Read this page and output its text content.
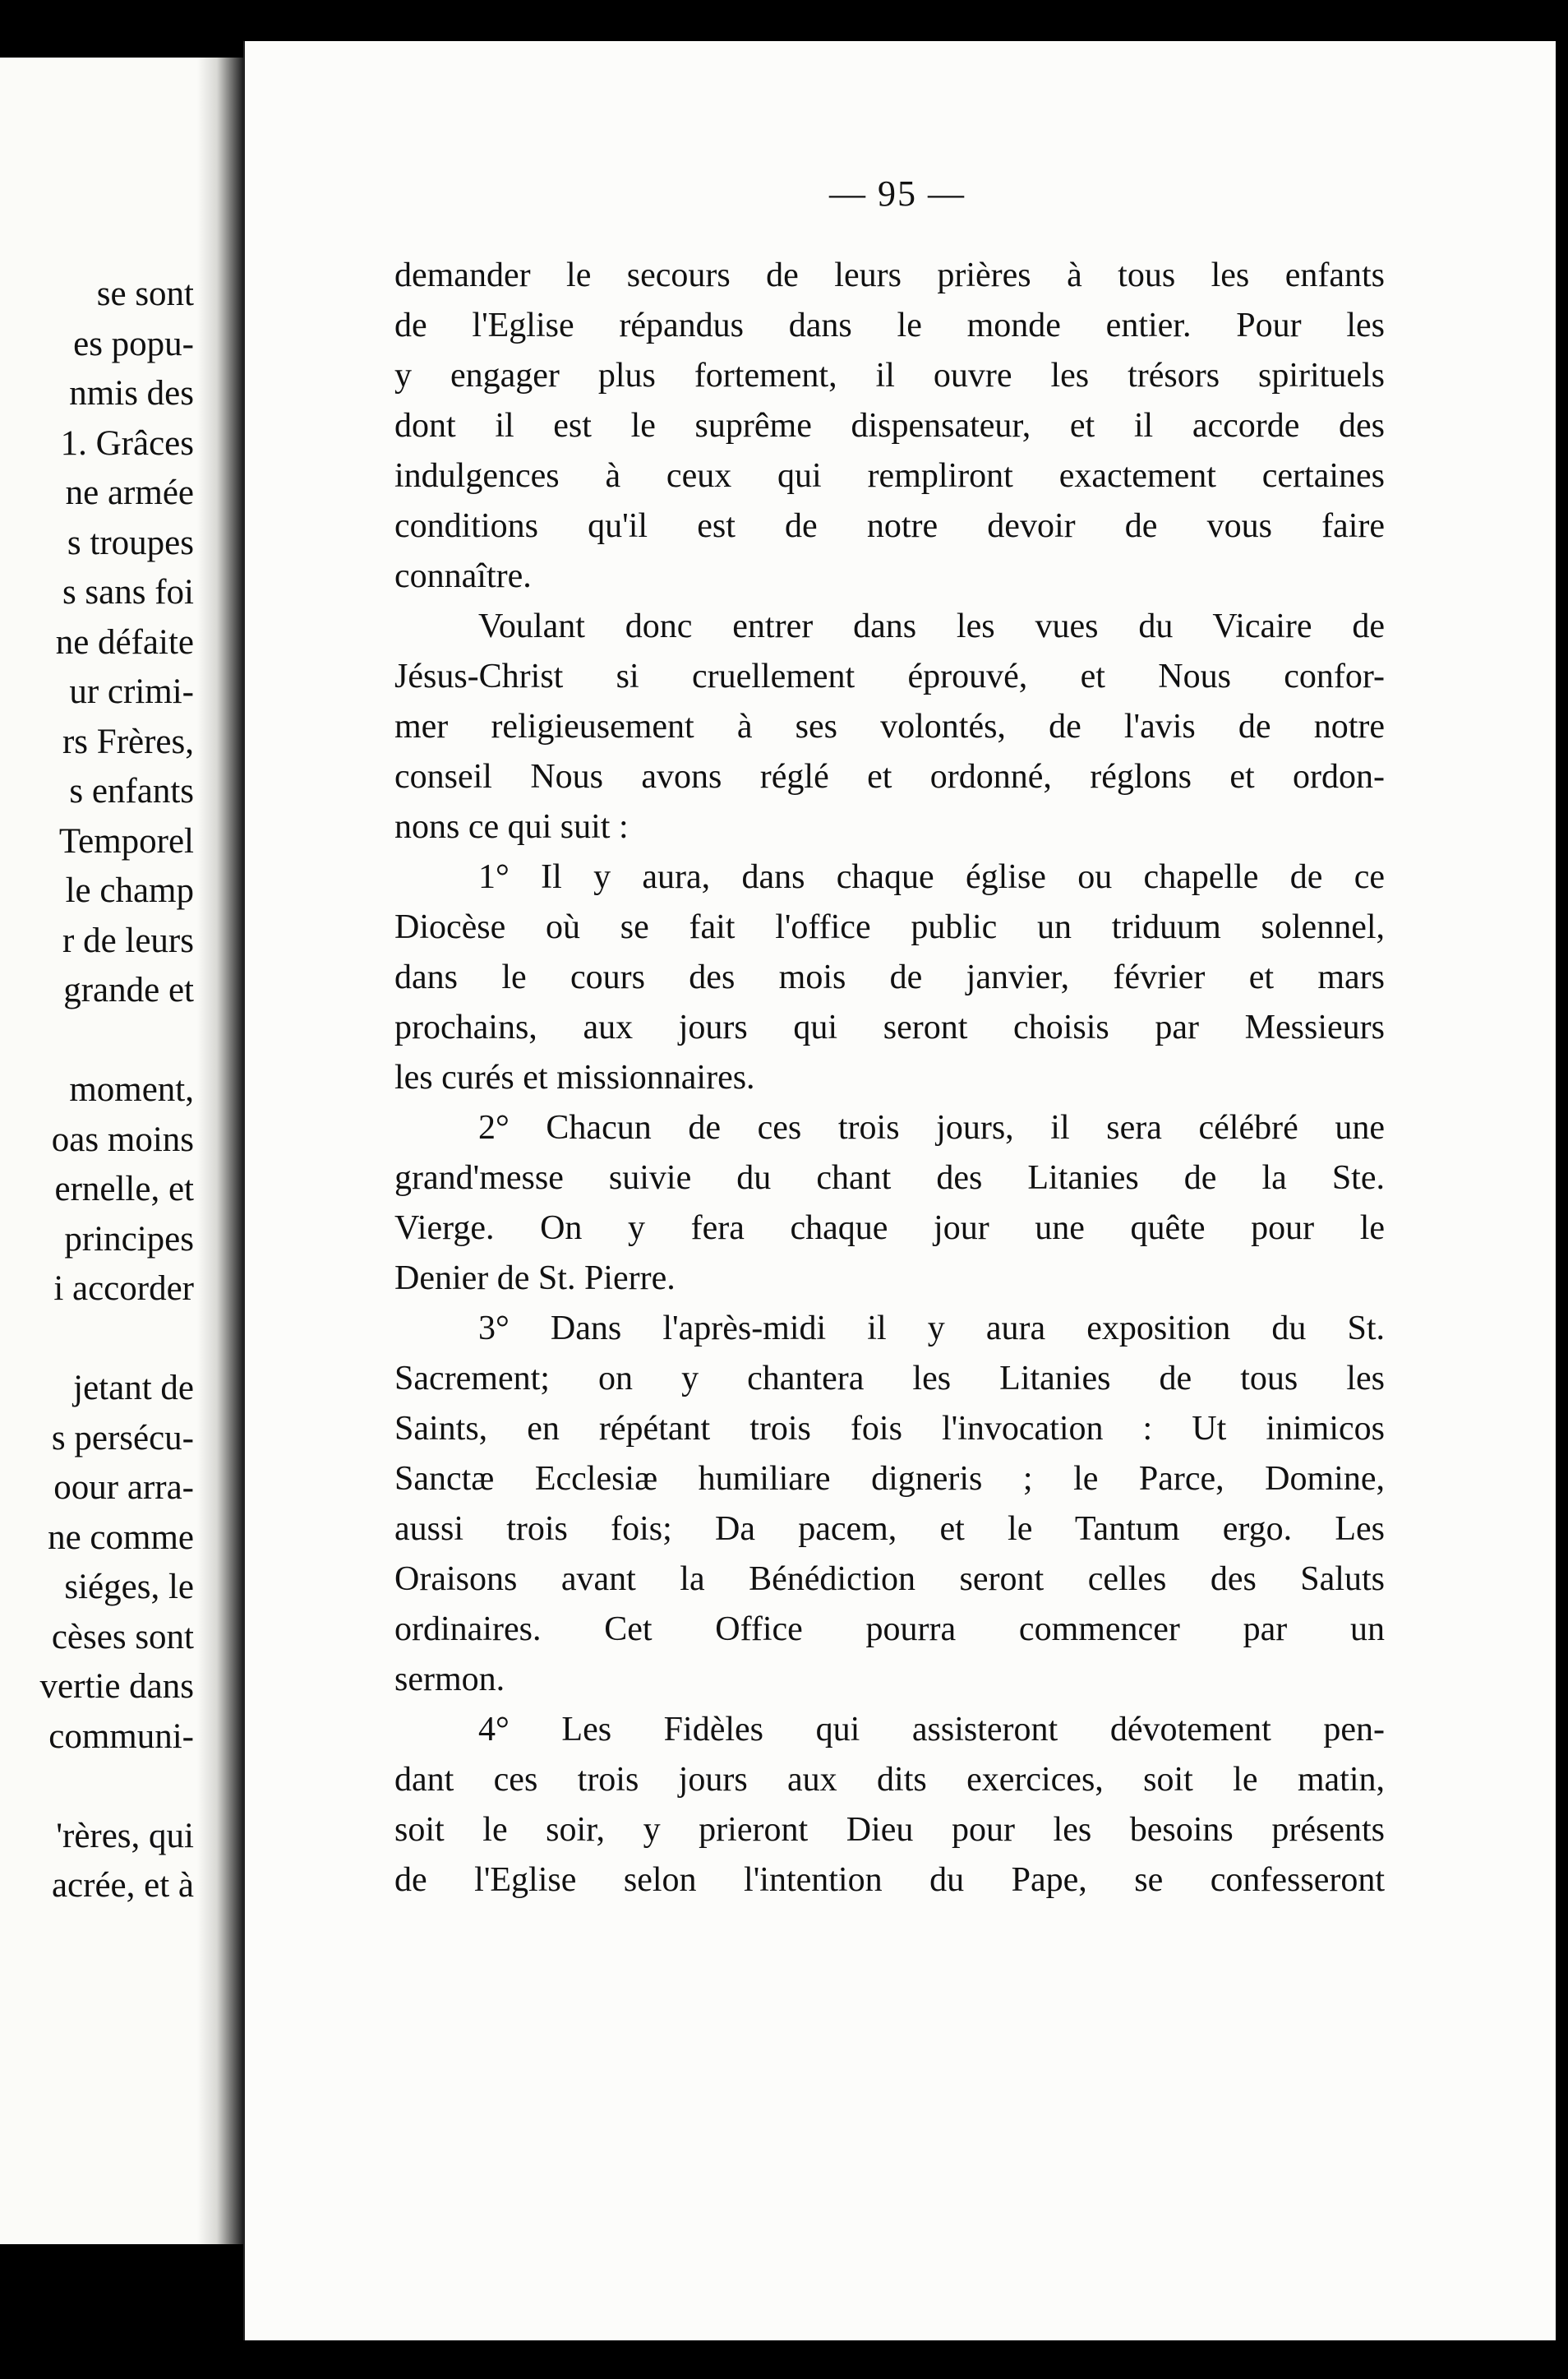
se sont
es popu-
nmis des
1. Grâces
ne armée
s troupes
s sans foi
ne défaite
ur crimi-
rs Frères,
s enfants
Temporel
le champ
r de leurs
grande et
moment,
oas moins
ernelle, et
principes
i accorder
jetant de
s persécu-
oour arra-
ne comme
siéges, le
cèses sont
vertie dans
communi-
'rères, qui
acrée, et à
— 95 —
demander le secours de leurs prières à tous les enfants
de l'Eglise répandus dans le monde entier. Pour les
y engager plus fortement, il ouvre les trésors spirituels
dont il est le suprême dispensateur, et il accorde des
indulgences à ceux qui rempliront exactement certaines
conditions qu'il est de notre devoir de vous faire
connaître.
Voulant donc entrer dans les vues du Vicaire de
Jésus-Christ si cruellement éprouvé, et Nous confor-
mer religieusement à ses volontés, de l'avis de notre
conseil Nous avons réglé et ordonné, réglons et ordon-
nons ce qui suit :
1° Il y aura, dans chaque église ou chapelle de ce
Diocèse où se fait l'office public un triduum solennel,
dans le cours des mois de janvier, février et mars
prochains, aux jours qui seront choisis par Messieurs
les curés et missionnaires.
2° Chacun de ces trois jours, il sera célébré une
grand'messe suivie du chant des Litanies de la Ste.
Vierge. On y fera chaque jour une quête pour le
Denier de St. Pierre.
3° Dans l'après-midi il y aura exposition du St.
Sacrement; on y chantera les Litanies de tous les
Saints, en répétant trois fois l'invocation : Ut inimicos
Sanctæ Ecclesiæ humiliare digneris ; le Parce, Domine,
aussi trois fois; Da pacem, et le Tantum ergo. Les
Oraisons avant la Bénédiction seront celles des Saluts
ordinaires. Cet Office pourra commencer par un
sermon.
4° Les Fidèles qui assisteront dévotement pen-
dant ces trois jours aux dits exercices, soit le matin,
soit le soir, y prieront Dieu pour les besoins présents
de l'Eglise selon l'intention du Pape, se confesseront
